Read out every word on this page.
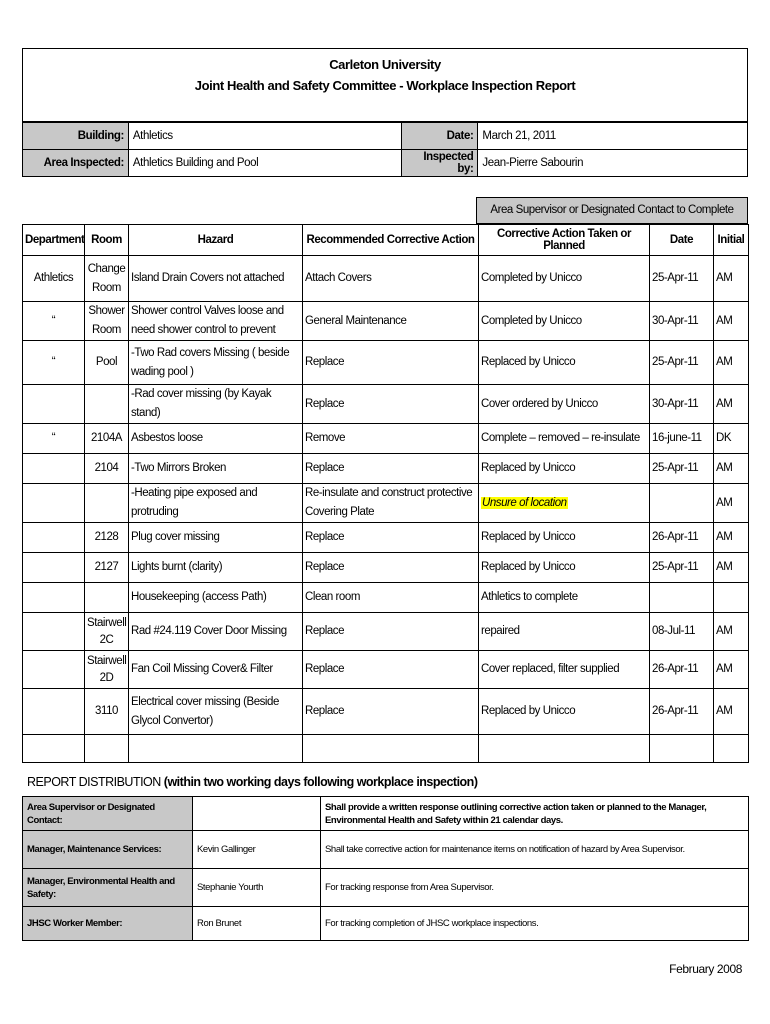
Carleton University
Joint Health and Safety Committee - Workplace Inspection Report
Building:	Athletics	Date:	March 21, 2011
Area Inspected:	Athletics Building and Pool	Inspected by:	Jean-Pierre Sabourin
Area Supervisor or Designated Contact to Complete
Department	Room	Hazard	Recommended Corrective Action	Corrective Action Taken or Planned	Date	Initial
Athletics	Change Room	Island Drain Covers not attached	Attach Covers	Completed by Unicco	25-Apr-11	AM
“	Shower Room	Shower control Valves loose and need shower control to prevent	General Maintenance	Completed by Unicco	30-Apr-11	AM
“	Pool	-Two Rad covers Missing ( beside wading pool )	Replace	Replaced by Unicco	25-Apr-11	AM
		-Rad cover missing (by Kayak stand)	Replace	Cover ordered by Unicco	30-Apr-11	AM
“	2104A	Asbestos loose	Remove	Complete – removed – re-insulate	16-june-11	DK
	2104	-Two Mirrors Broken	Replace	Replaced by Unicco	25-Apr-11	AM
		-Heating pipe exposed and protruding	Re-insulate and construct protective Covering Plate	Unsure of location		AM
	2128	Plug cover missing	Replace	Replaced by Unicco	26-Apr-11	AM
	2127	Lights burnt (clarity)	Replace	Replaced by Unicco	25-Apr-11	AM
		Housekeeping (access Path)	Clean room	Athletics to complete		
	Stairwell 2C	Rad #24.119 Cover Door Missing	Replace	repaired	08-Jul-11	AM
	Stairwell 2D	Fan Coil Missing Cover& Filter	Replace	Cover replaced, filter supplied	26-Apr-11	AM
	3110	Electrical cover missing (Beside Glycol Convertor)	Replace	Replaced by Unicco	26-Apr-11	AM

REPORT DISTRIBUTION (within two working days following workplace inspection)
Area Supervisor or Designated Contact:		Shall provide a written response outlining corrective action taken or planned to the Manager, Environmental Health and Safety within 21 calendar days.
Manager, Maintenance Services:	Kevin Gallinger	Shall take corrective action for maintenance items on notification of hazard by Area Supervisor.
Manager, Environmental Health and Safety:	Stephanie Yourth	For tracking response from Area Supervisor.
JHSC Worker Member:	Ron Brunet	For tracking completion of JHSC workplace inspections.
February 2008
